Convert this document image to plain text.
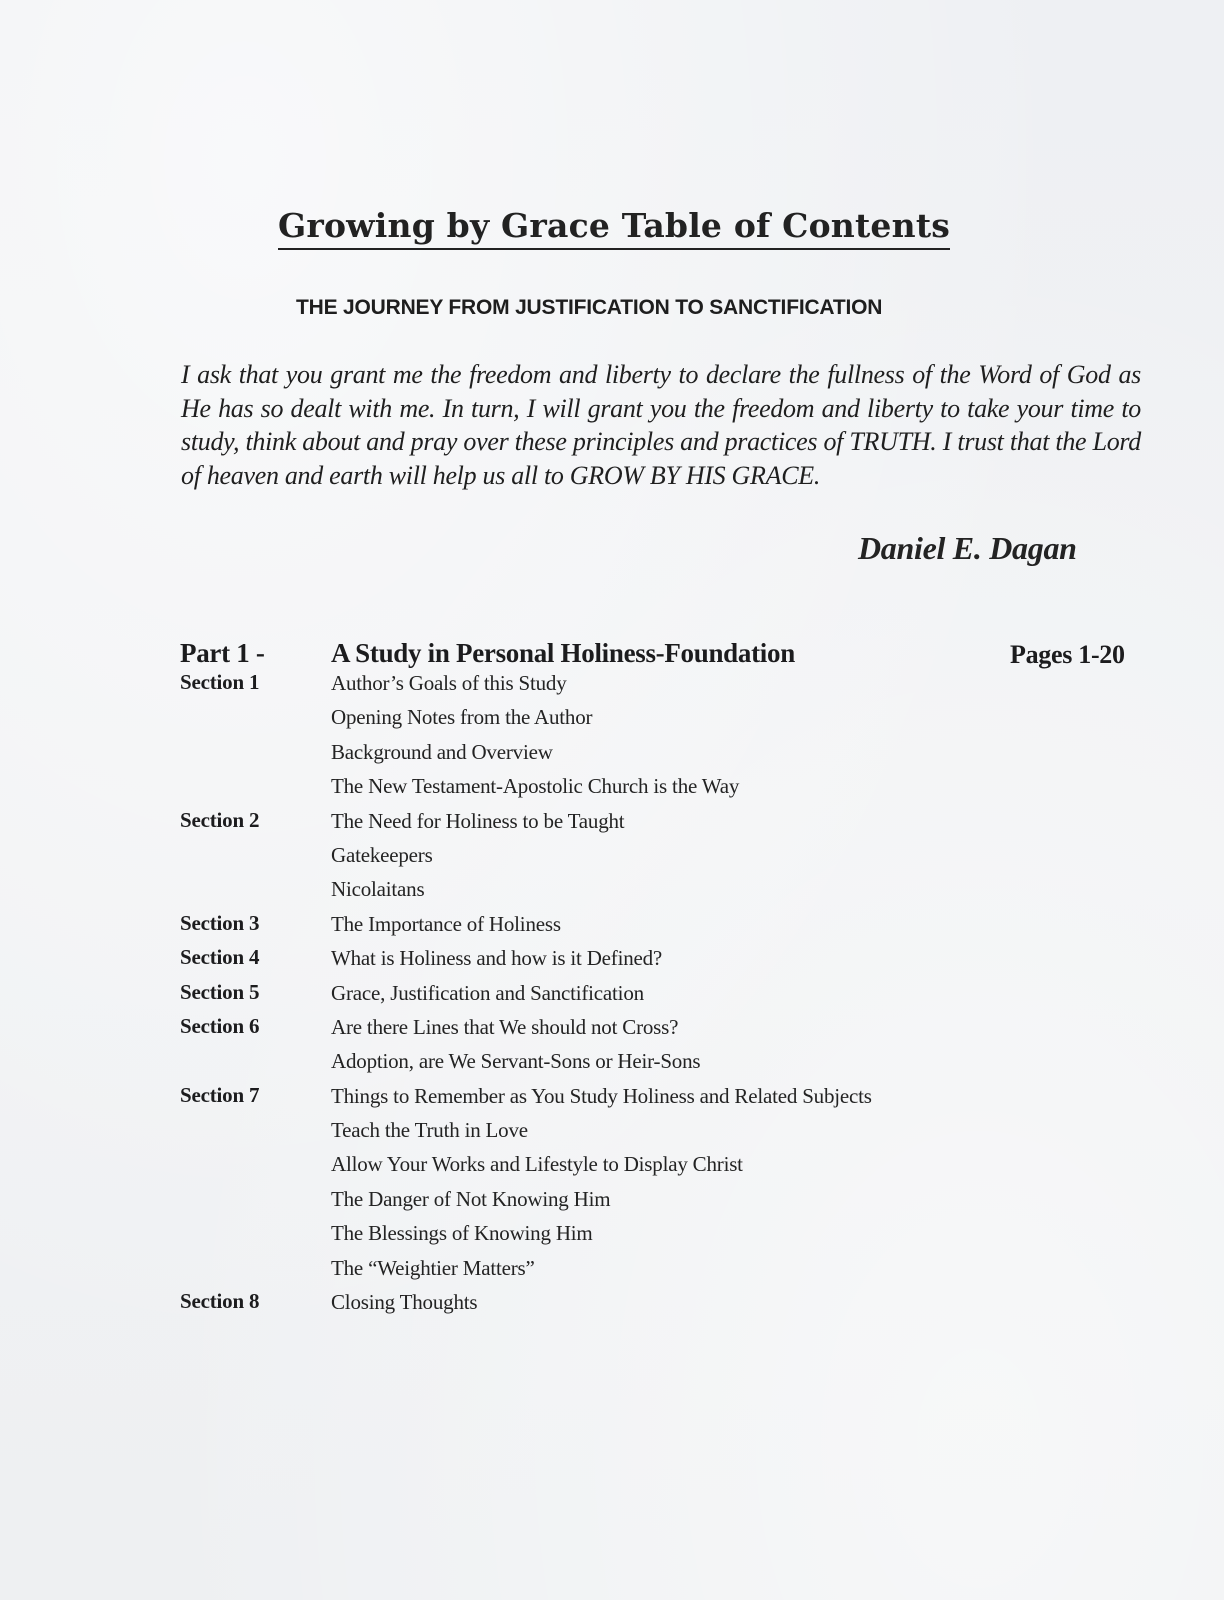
Growing by Grace Table of Contents
THE JOURNEY FROM JUSTIFICATION TO SANCTIFICATION
I ask that you grant me the freedom and liberty to declare the fullness of the Word of God as He has so dealt with me. In turn, I will grant you the freedom and liberty to take your time to study, think about and pray over these principles and practices of TRUTH. I trust that the Lord of heaven and earth will help us all to GROW BY HIS GRACE.
Daniel E. Dagan
Part 1 - A Study in Personal Holiness-Foundation	Pages 1-20
Section 1	Author’s Goals of this Study
Opening Notes from the Author
Background and Overview
The New Testament-Apostolic Church is the Way
Section 2	The Need for Holiness to be Taught
Gatekeepers
Nicolaitans
Section 3	The Importance of Holiness
Section 4	What is Holiness and how is it Defined?
Section 5	Grace, Justification and Sanctification
Section 6	Are there Lines that We should not Cross?
Adoption, are We Servant-Sons or Heir-Sons
Section 7	Things to Remember as You Study Holiness and Related Subjects
Teach the Truth in Love
Allow Your Works and Lifestyle to Display Christ
The Danger of Not Knowing Him
The Blessings of Knowing Him
The “Weightier Matters”
Section 8	Closing Thoughts
